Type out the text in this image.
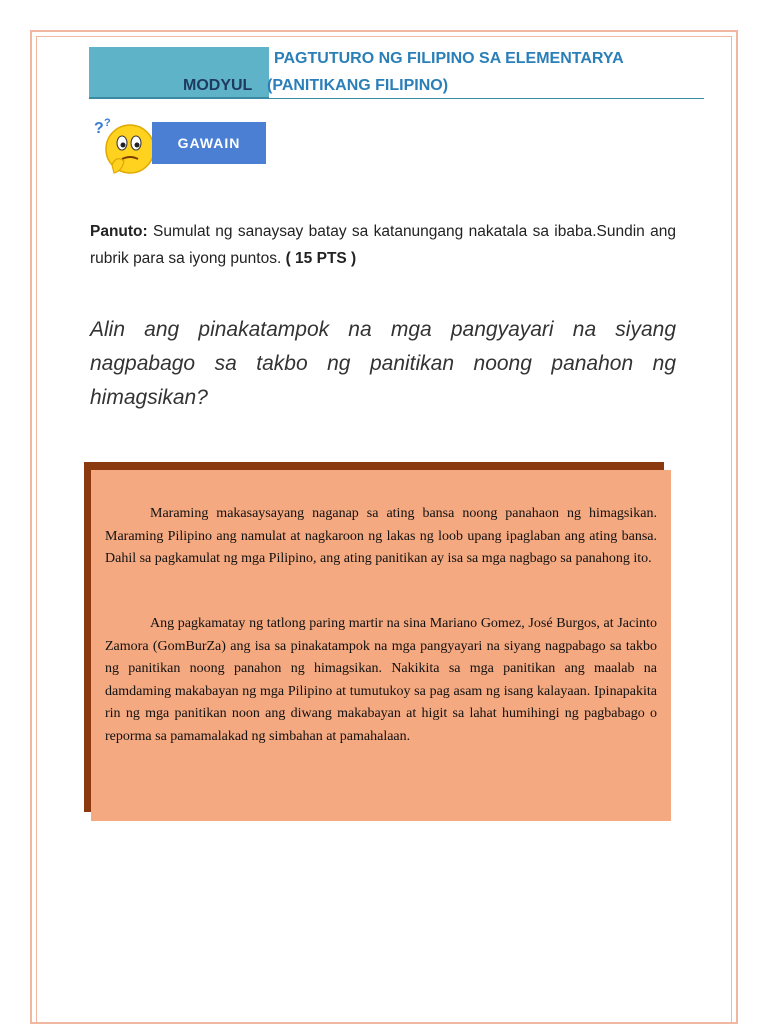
PAGTUTURO NG FILIPINO SA ELEMENTARYA
MODYUL (PANITIKANG FILIPINO)
? ?
GAWAIN
Panuto: Sumulat ng sanaysay batay sa katanungang nakatala sa ibaba.Sundin ang rubrik para sa iyong puntos. ( 15 PTS )
Alin ang pinakatampok na mga pangyayari na siyang nagpabago sa takbo ng panitikan noong panahon ng himagsikan?
Maraming makasaysayang naganap sa ating bansa noong panahaon ng himagsikan. Maraming Pilipino ang namulat at nagkaroon ng lakas ng loob upang ipaglaban ang ating bansa. Dahil sa pagkamulat ng mga Pilipino, ang ating panitikan ay isa sa mga nagbago sa panahong ito.
Ang pagkamatay ng tatlong paring martir na sina Mariano Gomez, José Burgos, at Jacinto Zamora (GomBurZa) ang isa sa pinakatampok na mga pangyayari na siyang nagpabago sa takbo ng panitikan noong panahon ng himagsikan. Nakikita sa mga panitikan ang maalab na damdaming makabayan ng mga Pilipino at tumutukoy sa pag asam ng isang kalayaan. Ipinapakita rin ng mga panitikan noon ang diwang makabayan at higit sa lahat humihingi ng pagbabago o reporma sa pamamalakad ng simbahan at pamahalaan.
